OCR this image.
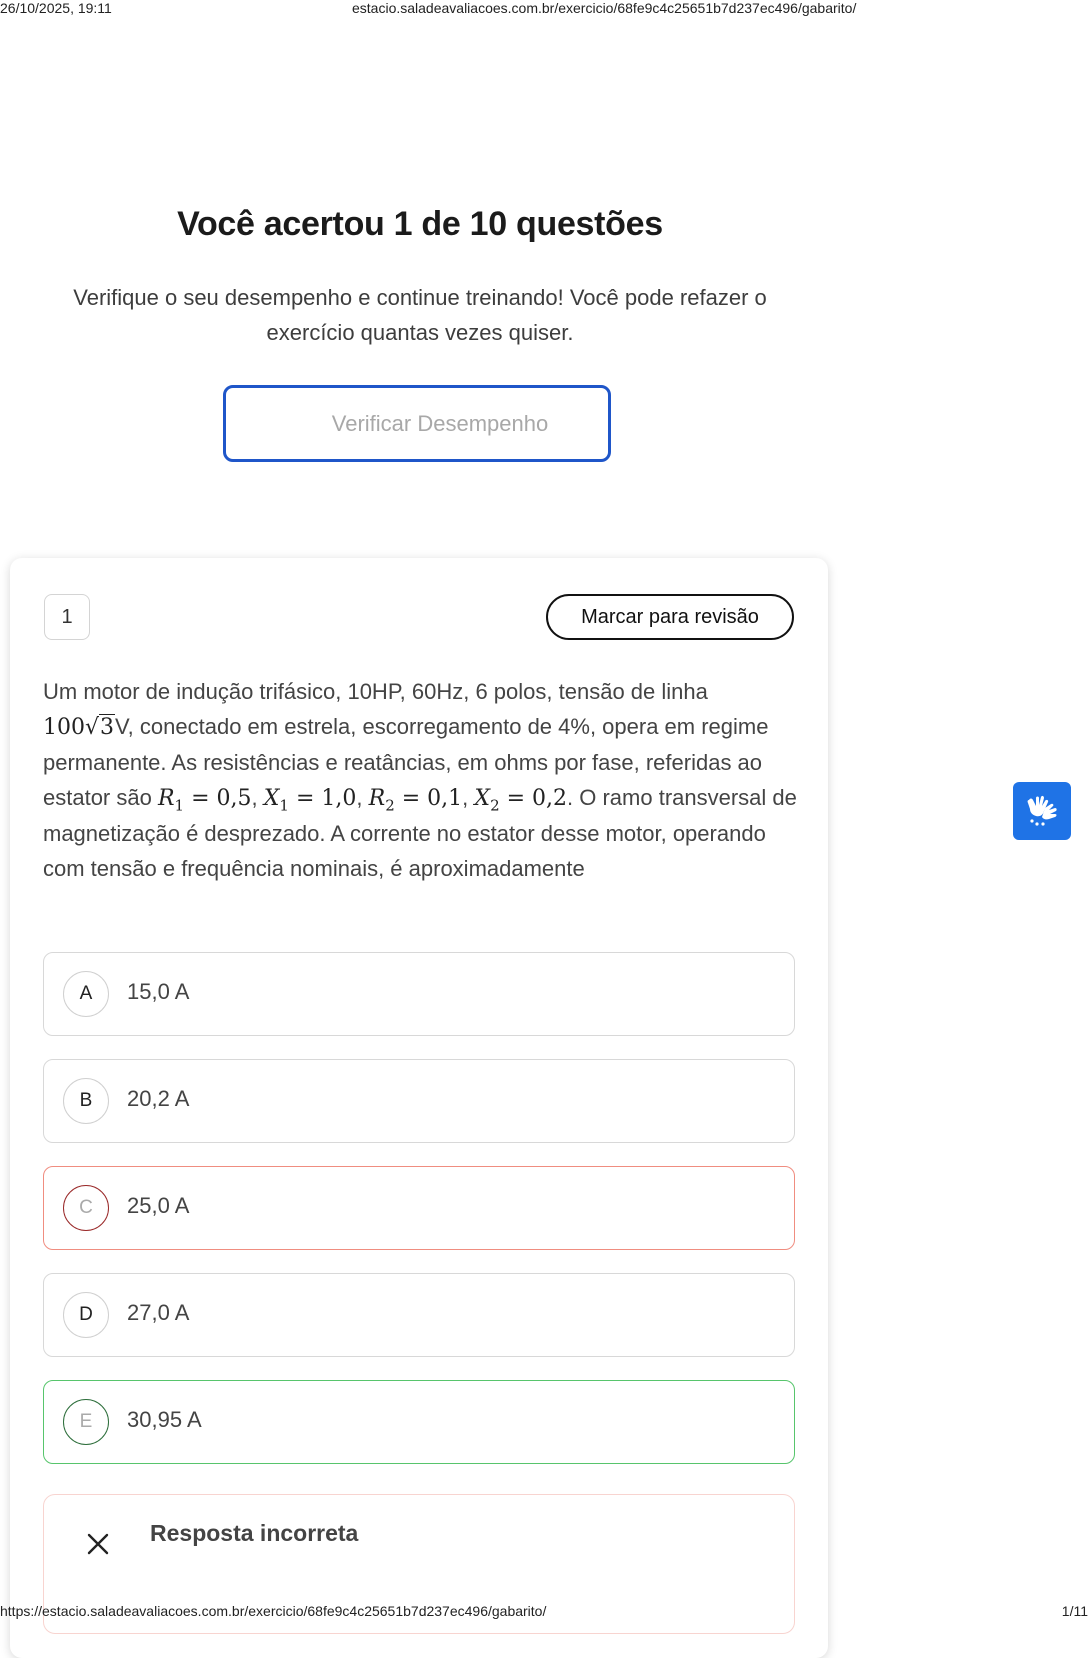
26/10/2025, 19:11	estacio.saladeavaliacoes.com.br/exercicio/68fe9c4c25651b7d237ec496/gabarito/
Você acertou 1 de 10 questões
Verifique o seu desempenho e continue treinando! Você pode refazer o exercício quantas vezes quiser.
Verificar Desempenho
1	Marcar para revisão
Um motor de indução trifásico, 10HP, 60Hz, 6 polos, tensão de linha 100√3V, conectado em estrela, escorregamento de 4%, opera em regime permanente. As resistências e reatâncias, em ohms por fase, referidas ao estator são $R_1 = 0,5$, $X_1 = 1,0$, $R_2 = 0,1$, $X_2 = 0,2$. O ramo transversal de magnetização é desprezado. A corrente no estator desse motor, operando com tensão e frequência nominais, é aproximadamente
A	15,0 A
B	20,2 A
C	25,0 A
D	27,0 A
E	30,95 A
Resposta incorreta
https://estacio.saladeavaliacoes.com.br/exercicio/68fe9c4c25651b7d237ec496/gabarito/	1/11
